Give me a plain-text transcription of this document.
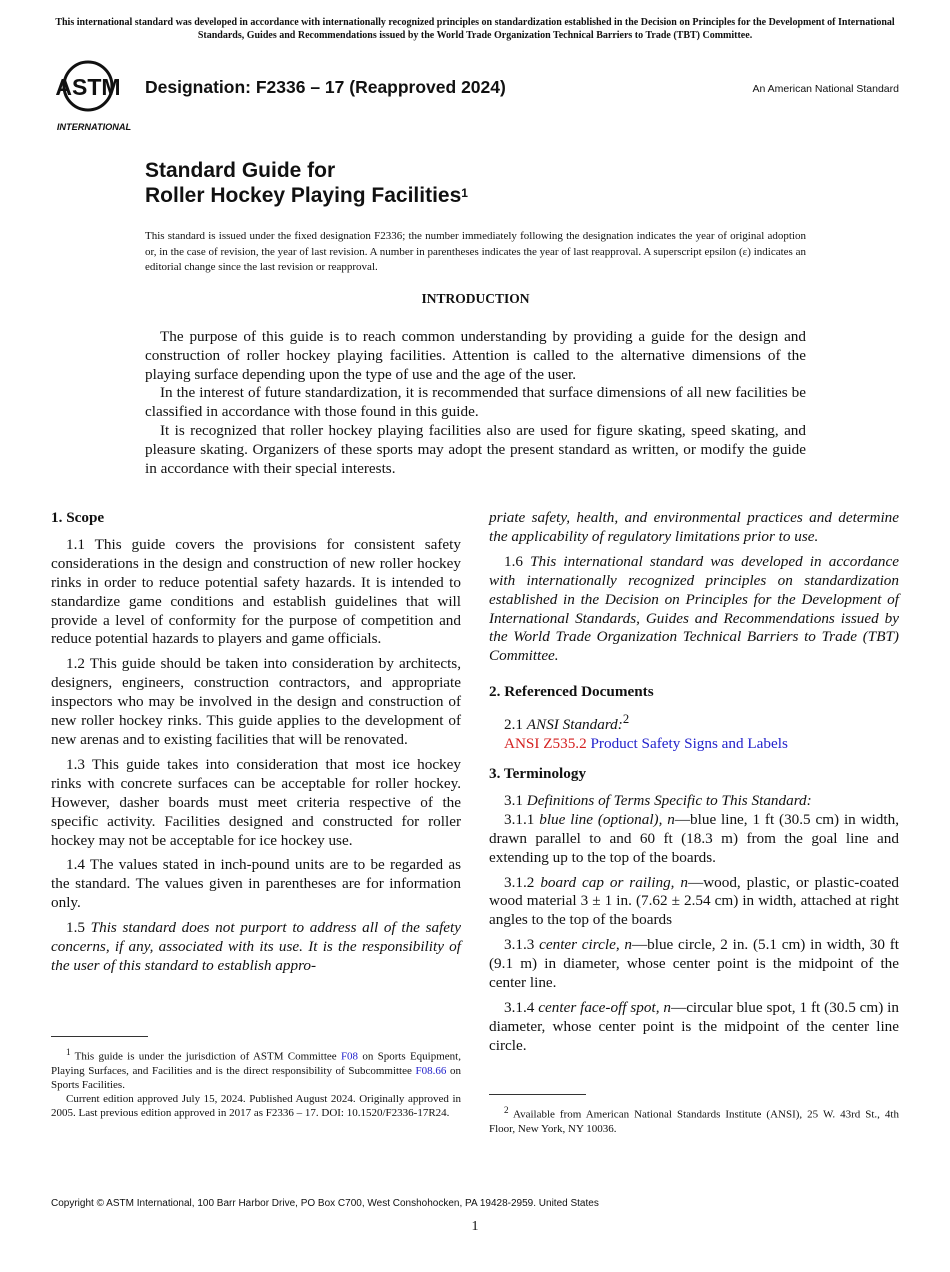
This international standard was developed in accordance with internationally recognized principles on standardization established in the Decision on Principles for the Development of International Standards, Guides and Recommendations issued by the World Trade Organization Technical Barriers to Trade (TBT) Committee.
ASTM
INTERNATIONAL
Designation: F2336 – 17 (Reapproved 2024)	An American National Standard
Standard Guide for
Roller Hockey Playing Facilities$^1$
This standard is issued under the fixed designation F2336; the number immediately following the designation indicates the year of original adoption or, in the case of revision, the year of last revision. A number in parentheses indicates the year of last reapproval. A superscript epsilon (ε) indicates an editorial change since the last revision or reapproval.
INTRODUCTION

The purpose of this guide is to reach common understanding by providing a guide for the design and construction of roller hockey playing facilities. Attention is called to the alternative dimensions of the playing surface depending upon the type of use and the age of the user.

In the interest of future standardization, it is recommended that surface dimensions of all new facilities be classified in accordance with those found in this guide.

It is recognized that roller hockey playing facilities also are used for figure skating, speed skating, and pleasure skating. Organizers of these sports may adopt the present standard as written, or modify the guide in accordance with their special interests.

1. Scope

1.1 This guide covers the provisions for consistent safety considerations in the design and construction of new roller hockey rinks in order to reduce potential safety hazards. It is intended to standardize game conditions and establish guidelines that will provide a level of conformity for the purpose of competition and reduce potential hazards to players and game officials.

1.2 This guide should be taken into consideration by architects, designers, engineers, construction contractors, and appropriate inspectors who may be involved in the design and construction of new roller hockey rinks. This guide applies to the development of new arenas and to existing facilities that will be renovated.

1.3 This guide takes into consideration that most ice hockey rinks with concrete surfaces can be acceptable for roller hockey. However, dasher boards must meet criteria respective of the specific activity. Facilities designed and constructed for roller hockey may not be acceptable for ice hockey use.

1.4 The values stated in inch-pound units are to be regarded as the standard. The values given in parentheses are for information only.

1.5 This standard does not purport to address all of the safety concerns, if any, associated with its use. It is the responsibility of the user of this standard to establish appro-

$^1$ This guide is under the jurisdiction of ASTM Committee F08 on Sports Equipment, Playing Surfaces, and Facilities and is the direct responsibility of Subcommittee F08.66 on Sports Facilities.

Current edition approved July 15, 2024. Published August 2024. Originally approved in 2005. Last previous edition approved in 2017 as F2336 – 17. DOI: 10.1520/F2336-17R24.

priate safety, health, and environmental practices and determine the applicability of regulatory limitations prior to use.

1.6 This international standard was developed in accordance with internationally recognized principles on standardization established in the Decision on Principles for the Development of International Standards, Guides and Recommendations issued by the World Trade Organization Technical Barriers to Trade (TBT) Committee.

2. Referenced Documents

2.1 ANSI Standard:$^2$

ANSI Z535.2 Product Safety Signs and Labels

3. Terminology

3.1 Definitions of Terms Specific to This Standard:

3.1.1 blue line (optional), n—blue line, 1 ft (30.5 cm) in width, drawn parallel to and 60 ft (18.3 m) from the goal line and extending up to the top of the boards.

3.1.2 board cap or railing, n—wood, plastic, or plastic-coated wood material 3 ± 1 in. (7.62 ± 2.54 cm) in width, attached at right angles to the top of the boards

3.1.3 center circle, n—blue circle, 2 in. (5.1 cm) in width, 30 ft (9.1 m) in diameter, whose center point is the midpoint of the center line.

3.1.4 center face-off spot, n—circular blue spot, 1 ft (30.5 cm) in diameter, whose center point is the midpoint of the center line circle.

$^2$ Available from American National Standards Institute (ANSI), 25 W. 43rd St., 4th Floor, New York, NY 10036.

Copyright © ASTM International, 100 Barr Harbor Drive, PO Box C700, West Conshohocken, PA 19428-2959. United States
1
